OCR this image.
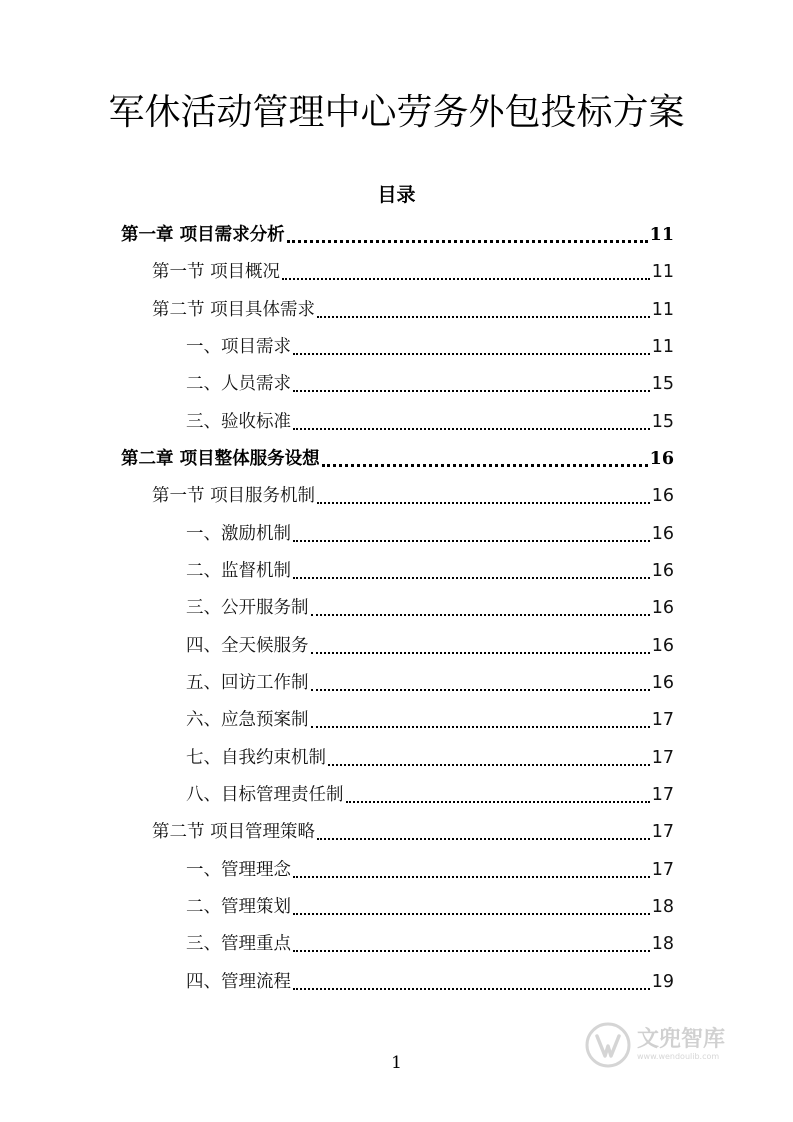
军休活动管理中心劳务外包投标方案
目录
第一章 项目需求分析	11
第一节 项目概况	11
第二节 项目具体需求	11
一、项目需求	11
二、人员需求	15
三、验收标准	15
第二章 项目整体服务设想	16
第一节 项目服务机制	16
一、激励机制	16
二、监督机制	16
三、公开服务制	16
四、全天候服务	16
五、回访工作制	16
六、应急预案制	17
七、自我约束机制	17
八、目标管理责任制	17
第二节 项目管理策略	17
一、管理理念	17
二、管理策划	18
三、管理重点	18
四、管理流程	19
1
文兜智库
www.wendoulib.com
